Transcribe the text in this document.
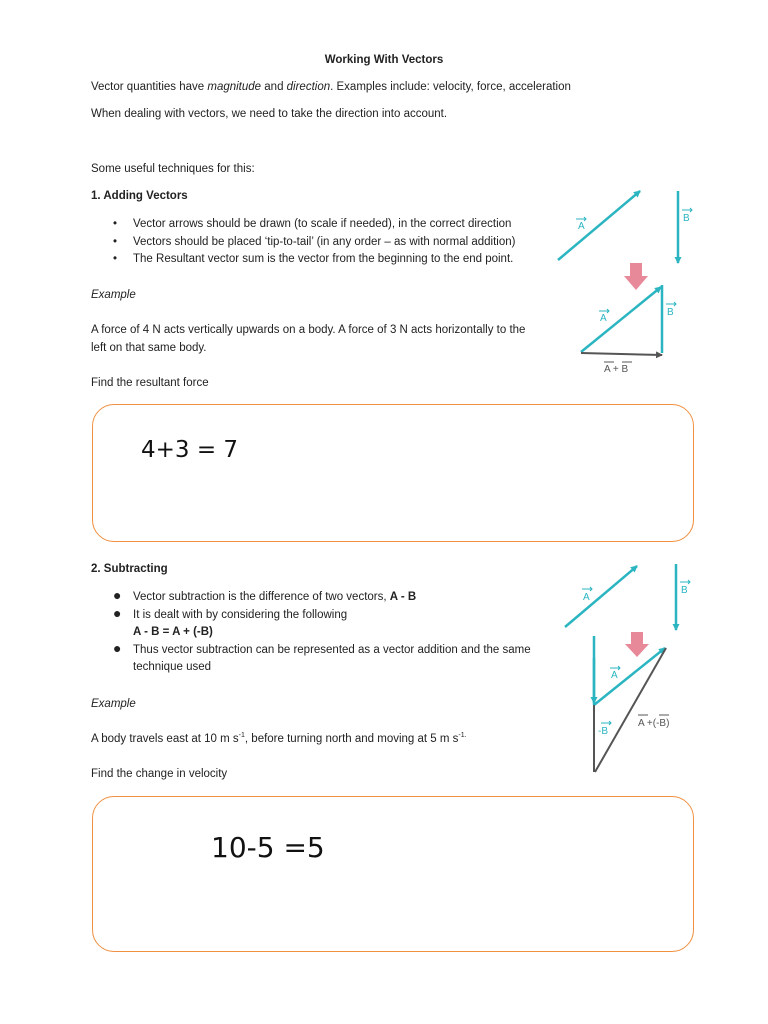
Working With Vectors
Vector quantities have magnitude and direction. Examples include: velocity, force, acceleration
When dealing with vectors, we need to take the direction into account.
Some useful techniques for this:
1. Adding Vectors
• Vector arrows should be drawn (to scale if needed), in the correct direction
• Vectors should be placed ‘tip-to-tail’ (in any order – as with normal addition)
• The Resultant vector sum is the vector from the beginning to the end point.
Example
A force of 4 N acts vertically upwards on a body. A force of 3 N acts horizontally to the
left on that same body.
Find the resultant force
4+3 = 7
A
B
A
B
A + B
2. Subtracting
● Vector subtraction is the difference of two vectors, A - B
● It is dealt with by considering the following
A - B = A + (-B)
● Thus vector subtraction can be represented as a vector addition and the same
technique used
Example
A body travels east at 10 m $s^{-1}$, before turning north and moving at 5 m $s^{-1.}$
Find the change in velocity
10-5 =5
A
B
A
-B
A +(-B)
